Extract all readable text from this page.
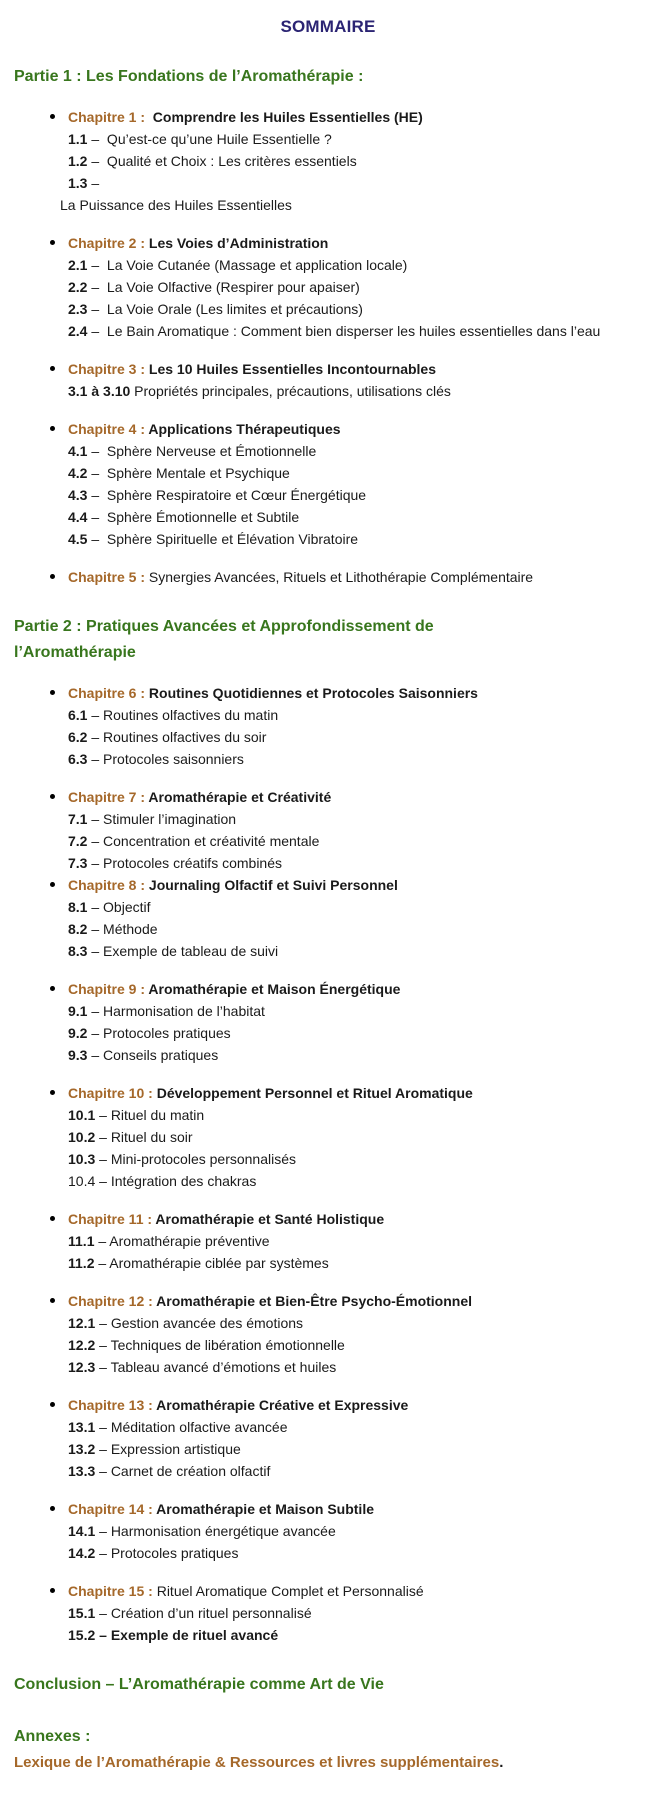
SOMMAIRE
Partie 1 : Les Fondations de l’Aromathérapie :
Chapitre 1 :  Comprendre les Huiles Essentielles (HE)
1.1 –  Qu’est-ce qu’une Huile Essentielle ?
1.2 –  Qualité et Choix : Les critères essentiels
1.3 –
La Puissance des Huiles Essentielles
Chapitre 2 : Les Voies d’Administration
2.1 –  La Voie Cutanée (Massage et application locale)
2.2 –  La Voie Olfactive (Respirer pour apaiser)
2.3 –  La Voie Orale (Les limites et précautions)
2.4 –  Le Bain Aromatique : Comment bien disperser les huiles essentielles dans l’eau
Chapitre 3 : Les 10 Huiles Essentielles Incontournables
3.1 à 3.10 Propriétés principales, précautions, utilisations clés
Chapitre 4 : Applications Thérapeutiques
4.1 –  Sphère Nerveuse et Émotionnelle
4.2 –  Sphère Mentale et Psychique
4.3 –  Sphère Respiratoire et Cœur Énergétique
4.4 –  Sphère Émotionnelle et Subtile
4.5 –  Sphère Spirituelle et Élévation Vibratoire
Chapitre 5 : Synergies Avancées, Rituels et Lithothérapie Complémentaire
Partie 2 : Pratiques Avancées et Approfondissement de
l’Aromathérapie
Chapitre 6 : Routines Quotidiennes et Protocoles Saisonniers
6.1 – Routines olfactives du matin
6.2 – Routines olfactives du soir
6.3 – Protocoles saisonniers
Chapitre 7 : Aromathérapie et Créativité
7.1 – Stimuler l’imagination
7.2 – Concentration et créativité mentale
7.3 – Protocoles créatifs combinés
Chapitre 8 : Journaling Olfactif et Suivi Personnel
8.1 – Objectif
8.2 – Méthode
8.3 – Exemple de tableau de suivi
Chapitre 9 : Aromathérapie et Maison Énergétique
9.1 – Harmonisation de l’habitat
9.2 – Protocoles pratiques
9.3 – Conseils pratiques
Chapitre 10 : Développement Personnel et Rituel Aromatique
10.1 – Rituel du matin
10.2 – Rituel du soir
10.3 – Mini-protocoles personnalisés
10.4 – Intégration des chakras
Chapitre 11 : Aromathérapie et Santé Holistique
11.1 – Aromathérapie préventive
11.2 – Aromathérapie ciblée par systèmes
Chapitre 12 : Aromathérapie et Bien-Être Psycho-Émotionnel
12.1 – Gestion avancée des émotions
12.2 – Techniques de libération émotionnelle
12.3 – Tableau avancé d’émotions et huiles
Chapitre 13 : Aromathérapie Créative et Expressive
13.1 – Méditation olfactive avancée
13.2 – Expression artistique
13.3 – Carnet de création olfactif
Chapitre 14 : Aromathérapie et Maison Subtile
14.1 – Harmonisation énergétique avancée
14.2 – Protocoles pratiques
Chapitre 15 : Rituel Aromatique Complet et Personnalisé
15.1 – Création d’un rituel personnalisé
15.2 – Exemple de rituel avancé
Conclusion – L’Aromathérapie comme Art de Vie
Annexes :
Lexique de l’Aromathérapie & Ressources et livres supplémentaires.
